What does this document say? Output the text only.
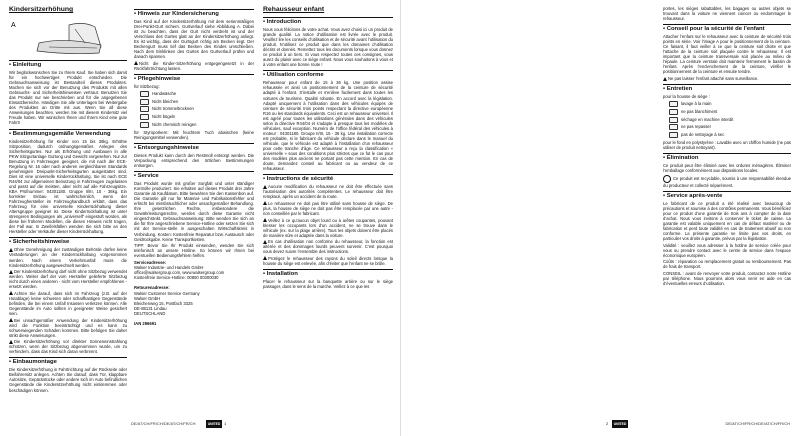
Kindersitzerhöhung
A
• Einleitung

Wir beglückwünschen Sie zu Ihrem Kauf. Sie haben sich damit für ein hochwertiges Produkt entschieden. Die Gebrauchsanweisung ist Bestandteil dieses Produktes. Machen sie sich vor der Benutzung des Produkts mit allen Gebrauchs- und Sicherheitshinweisen vertraut. Benutzen Sie das Produkt nur wie beschrieben und für die angegebenen Einsatzbereiche. Händigen Sie alle Unterlagen bei Weitergabe des Produktes an Dritte mit aus. Wenn Sie all diese Anweisungen beachten, werden Sie mit diesem Kindersitz viel Freude haben. Wir wünschen Ihnen und Ihrem Kind eine gute Fahrt!

• Bestimmungsgemäße Verwendung

Kindersitzerhöhung für Kinder von 15 bis 36kg. Erhöhte Sitzposition, dadurch ordnungsgemäßes Anlegen des Sicherheitsgurtes. Nur als Erhöhung und Ausbauen in alle PKW Sitzgurtanlage Gurtung und Gewicht vorgesehen. Nur zur Benutzung in Fahrzeugen geeignet, die mit nach der ECE-Regelung Nr. 16 oder nach anderen vergleichbaren Standards genehmigten Dreipunkt-Sicherheitsgurten ausgestattet sind. Dies ist eine universelle Kinderrückhaltung. Sie ist nach ECE R44/04 zur allgemeinen Benutzung in Fahrzeugen zugelassen und passt auf die meisten, aber nicht auf alle Fahrzeugsitze. KBA Prüfnummer: 04301180. Gruppe II/III, 15 - 36kg. Ein korrekter Einbau ist wahrscheinlich, wenn der Fahrzeughersteller im Fahrzeughandbuch erklärt, dass das Fahrzeug für eine universelle Kinderrückhaltung dieser Altersgruppe geeignet ist. Diese Kinderrückhaltung ist unter strengeren Bedingungen als „universell“ eingestuft worden, als diese bei früheren Modellen, die diesen Hinweis nicht tragen, der Fall war. In Zweifelsfällen wenden Sie sich bitte an den Hersteller oder Verkäufer dieser Kinderrückhaltung.

• Sicherheitshinweise

Ohne Genehmigung der zuständigen Behörde dürfen keine Veränderungen an der Kinderrückhaltung vorgenommen werden. Nach einem Verkehrsunfall muss die Kindersitzerhöhung ausgewechselt werden.

Der Kindersitzerhöhung darf nicht ohne Sitzbezug verwendet werden. Weiter darf der vom Hersteller gelieferte Sitzbezug nicht durch einen anderen - nicht vom Hersteller empfohlenen - ersetzt werden.

Achten Sie darauf, dass sich im Fahrzeug (z.B. auf der Hutablage) keine schweren oder scharfkantigen Gegenstände befinden, die bei einem Unfall Insassen verletzen können. Alle Gegenstände im Auto sollten in geeigneter Weise gesichert sein.

Bei unsachgemäßer Anwendung der Kindersitzerhöhung wird die Funktion beeinträchtigt und es kann zu schwerwiegenden Schäden kommen. Bitte befolgen Sie daher strikt diese Anweisungen.

Die Kindersitzerhöhung vor direkter Sonneneinstrahlung schützen, wenn der Sitzbezug abgenommen wurde, um zu verhindern, dass das Kind sich daran verbrennt.

• Einbaumontage

Die Kindersitzerhöhung in Fahrtrichtung auf der Rückseite oder Beifahrersitz anlegen. Achten Sie darauf, dass Tür, klappbare Autositze, Gepäckstücke oder andere sich im Auto befindlichen Gegenstände die Kindersitzerhöhung nicht einklemmen oder beschädigen können.

• Hinweis zur Kindersicherung

Das Kind auf der Kindersitzerhöhung mit dem serienmäßigen Drei-Punkt-Gurt sichern. Gurtverlauf siehe Abbildung A. Dabei ist zu beachten, dass der Gurt nicht verdreht ist und der Verschluss des Gurtes glatt an der Kindersitzerhöhung anliegt. Es ist wichtig, dass der Gurtsgurt richtig am Becken liegt. Der Beckengurt muss tief das Becken des Kindes umschließen. Nach dem Einklinken des Gurtes den Gurtverlauf prüfen und danach spannen.

Nicht die Kinder-Sitzerhöhung entgegengesetzt in der Rückfahrtrichtung lassen.

• Pflegehinweise

für Sitzbezug:

Handwäsche
Nicht bleichen
Nicht trommeltrocknen
Nicht bügeln
Nicht chemisch reinigen

für Styroporkern: Mit feuchtem Tuch abwischen (keine Reinigungsmittel verwenden).

• Entsorgungshinweise

Dieses Produkt kann durch den Restmüll entsorgt werden. Die Verpackung entsprechend den örtlichen Bestimmungen entsorgen.

• Service

Das Produkt wurde mit großer Sorgfalt und unter ständiger Kontrolle produziert. Sie erhalten auf dieses Produkt drei Jahre Garantie ab Kaufdatum. Bitte bewahren Sie den Kassenbon auf. Die Garantie gilt nur für Material- und Fabrikationsfehler und erlischt bei missbräuchlicher oder unsachgemäßer Behandlung. Ihre gesetzlichen Rechte, insbesondere die Gewährleistungsrechte, werden durch diese Garantie nicht eingeschränkt. Gebrauchsanweisung: Bitte wenden Sie sich an die für Ihre angeschriebene Service-Hotline oder setzen Sie sich mit der Service-stelle in ausgeschalten Wirtschaftskreis in Verbindung. Kosten: Kostenfreie Reparatur bzw. Austausch oder Geldrückgabe. Keine Transportkosten.

TIPP: Bevor Sie Ihr Produkt einsenden, wenden Sie sich telefonisch an unsere Hotline. So können wir Ihnen bei eventuellen Bedienungsfehlern helfen.

Serviceadresse:
Walser Industrie- und Handels GmbH
office@walsergroup.com, www.walsergroup.com
Kostenfreie Service-Hotline: 00800 00300030

Retourenadresse:
Walser Customer Service Germany
Walser GmbH
Bleichenweg 15, Postfach 3325
DE-88131 Lindau
DEUTSCHLAND

IAN 296691
Rehausseur enfant
• Introduction

Nous vous félicitons de votre achat. Vous avez choisi ici un produit de grande qualité. La notice d’utilisation est livrée avec le produit. Veuillez lire les conseils d’utilisation et de sécurité avant l’utilisation du produit. N’utilisez ce produit que dans les domaines d’utilisation décrits et donnés. Remettez tous les documents lorsque vous donnez ce produit à un tiers. Si vous respectez toutes ces consignes, vous aurez du plaisir avec ce siège enfant. Nous vous souhaitons à vous et à votre enfant une bonne route !

• Utilisation conforme

Rehausseur pour enfant de 15 à 36 kg. Une position assise rehaussée et ainsi un positionnement de la ceinture de sécurité adapté à l’enfant. S’installe et s’enlève facilement dans toutes les voitures de tourisme. Qualité robuste. En accord avec la législation. Adapté uniquement à l’utilisation dans des véhicules équipés de ceinture de sécurité trois points respectant la directive européenne R16 ou les standards équivalents. Ceci est un rehausseur universel. Il est agréé pour toutes les utilisations générales dans des véhicules selon la directive R44/04 et s’adapte à presque tous les modèles de véhicules, sauf exception. Numéro de l’office fédéral des véhicules à moteur : 04301180. Groupe II/III, 15 - 36 kg. Une installation correcte est probable, si le fabricant du véhicule déclare dans le manuel du véhicule, que le véhicule est adapté à l’installation d’un rehausseur pour cette tranche d’âge. Ce rehausseur a reçu la classification « universelle » sous des conditions plus strictes que ce fut le cas pour des modèles plus anciens ne portant pas cette mention. En cas de doute, demandez conseil au fabricant ou au vendeur de ce rehausseur.

• Instructions de sécurité

Aucune modification du rehausseur ne doit être effectuée sans l’autorisation des autorités compétentes. Le rehausseur doit être remplacé, après un accident de la route.

Le rehausseur ne doit pas être utilisé sans housse de siège. De plus, la housse de siège ne doit pas être remplacée par une autre - non conseillée par le fabricant.

Veillez à ce qu’aucun objet lourd ou à arêtes coupantes, pouvant blesser les occupants lors d’un accident, ne se trouve dans le véhicule (ex. sur la plage arrière). Tous les objets doivent être placés de manière sûre et adaptée dans la voiture.

En cas d’utilisation non conforme du rehausseur, la fonction est altérée et des dommages lourds peuvent survenir. C’est pourquoi vous devez suivre l’ensemble des instructions.

Protégez le rehausseur des rayons du soleil directs lorsque la housse du siège est enlevée, afin d’éviter que l’enfant ne se brûle.

• Installation

Placer le rehausseur sur la banquette arrière ou sur le siège passager, dans le sens de la marche. Veillez à ce que les

DE/AT/CH/FR/CH/DE/AT/CH/FR/CH	UNITED 1

portes, les sièges rabattables, les bagages ou autres objets se trouvant dans la voiture ne viennent coincer ou endommager le rehausseur.

• Conseil pour la sécurité de l’enfant

Attacher l’enfant sur le rehausseur avec la ceinture de sécurité trois points en série. Voir l’image A pour le positionnement de la ceinture. Ce faisant, il faut veiller à ce que la ceinture soit droite et que l’attache de la ceinture soit plaquée contre le rehausseur. Il est important que la ceinture transversale soit placée au milieu de l’épaule. La ceinture ventrale doit maintenir fermement le bassin de l’enfant. Après l’enclenchement de la ceinture, vérifier le positionnement de la ceinture et ensuite tendre.

Ne pas laisser l’enfant attaché sans surveillance.

• Entretien

pour la housse de siège :

lavage à la main
ne pas blanchiment
séchage en machine interdit
ne pas repasser
pas de nettoyage à sec

pour le fond en polystyrène : Lavable avec un chiffon humide (ne pas utiliser de produit nettoyant).

• Élimination

Ce produit peut être éliminé avec les ordures ménagères. Éliminer l’emballage conformément aux dispositions locales.

Ce produit est recyclable, soumis à une responsabilité étendue du producteur et collecté séparément.

• Service après-vente

Le fabricant de ce produit a été réalisé avec beaucoup de précautions et soumise à des contrôles permanents. Vous bénéficiez pour ce produit d’une garantie de trois ans à compter de la date d’achat. Nous vous invitons à conserver le ticket de caisse. La garantie est valable uniquement en cas de défaut matériel ou de fabrication et perd toute validité en cas de traitement abusif ou non conforme. La présente garantie ne limite pas vos droits, en particulier vos droits à garantie, prévus par la législation.

Validité : veuillez vous adresser à la hotline de service créée pour vous ou prendre contact avec le centre de service dans l’espace économique européen.

Coûts : réparation ou remplacement gratuit ou remboursement. Pas de frais de transport.

CONSEIL : avant de renvoyer votre produit, contactez notre Hotline par téléphone. Nous pourrons alors vous venir en aide en cas d’éventuelles erreurs d’utilisation.

2	UNITED	DE/AT/CH/FR/CH/DE/AT/CH/FR/CH
